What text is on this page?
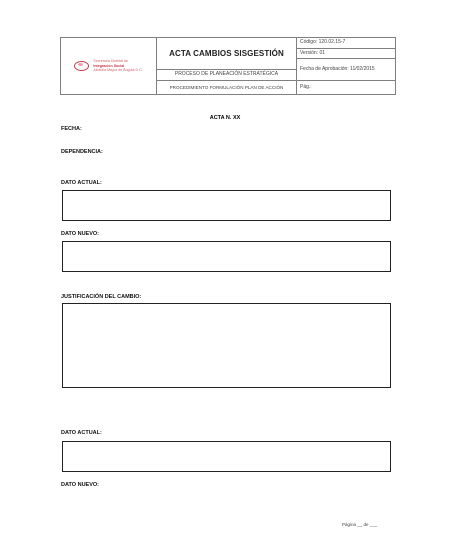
Secretaría Distrital de
Integración Social
Alcaldía Mayor de Bogotá D.C.
ACTA CAMBIOS SISGESTIÓN
PROCESO DE PLANEACIÓN ESTRATÉGICA
PROCEDIMIENTO FORMULACIÓN PLAN DE ACCIÓN
Código: 120.02.15-7
Versión: 01
Fecha de Aprobación: 11/02/2015
Pág.:
ACTA N. XX
FECHA:
DEPENDENCIA:
DATO ACTUAL:
DATO NUEVO:
JUSTIFICACIÓN DEL CAMBIO:
DATO ACTUAL:
DATO NUEVO:
Página __ de ___
